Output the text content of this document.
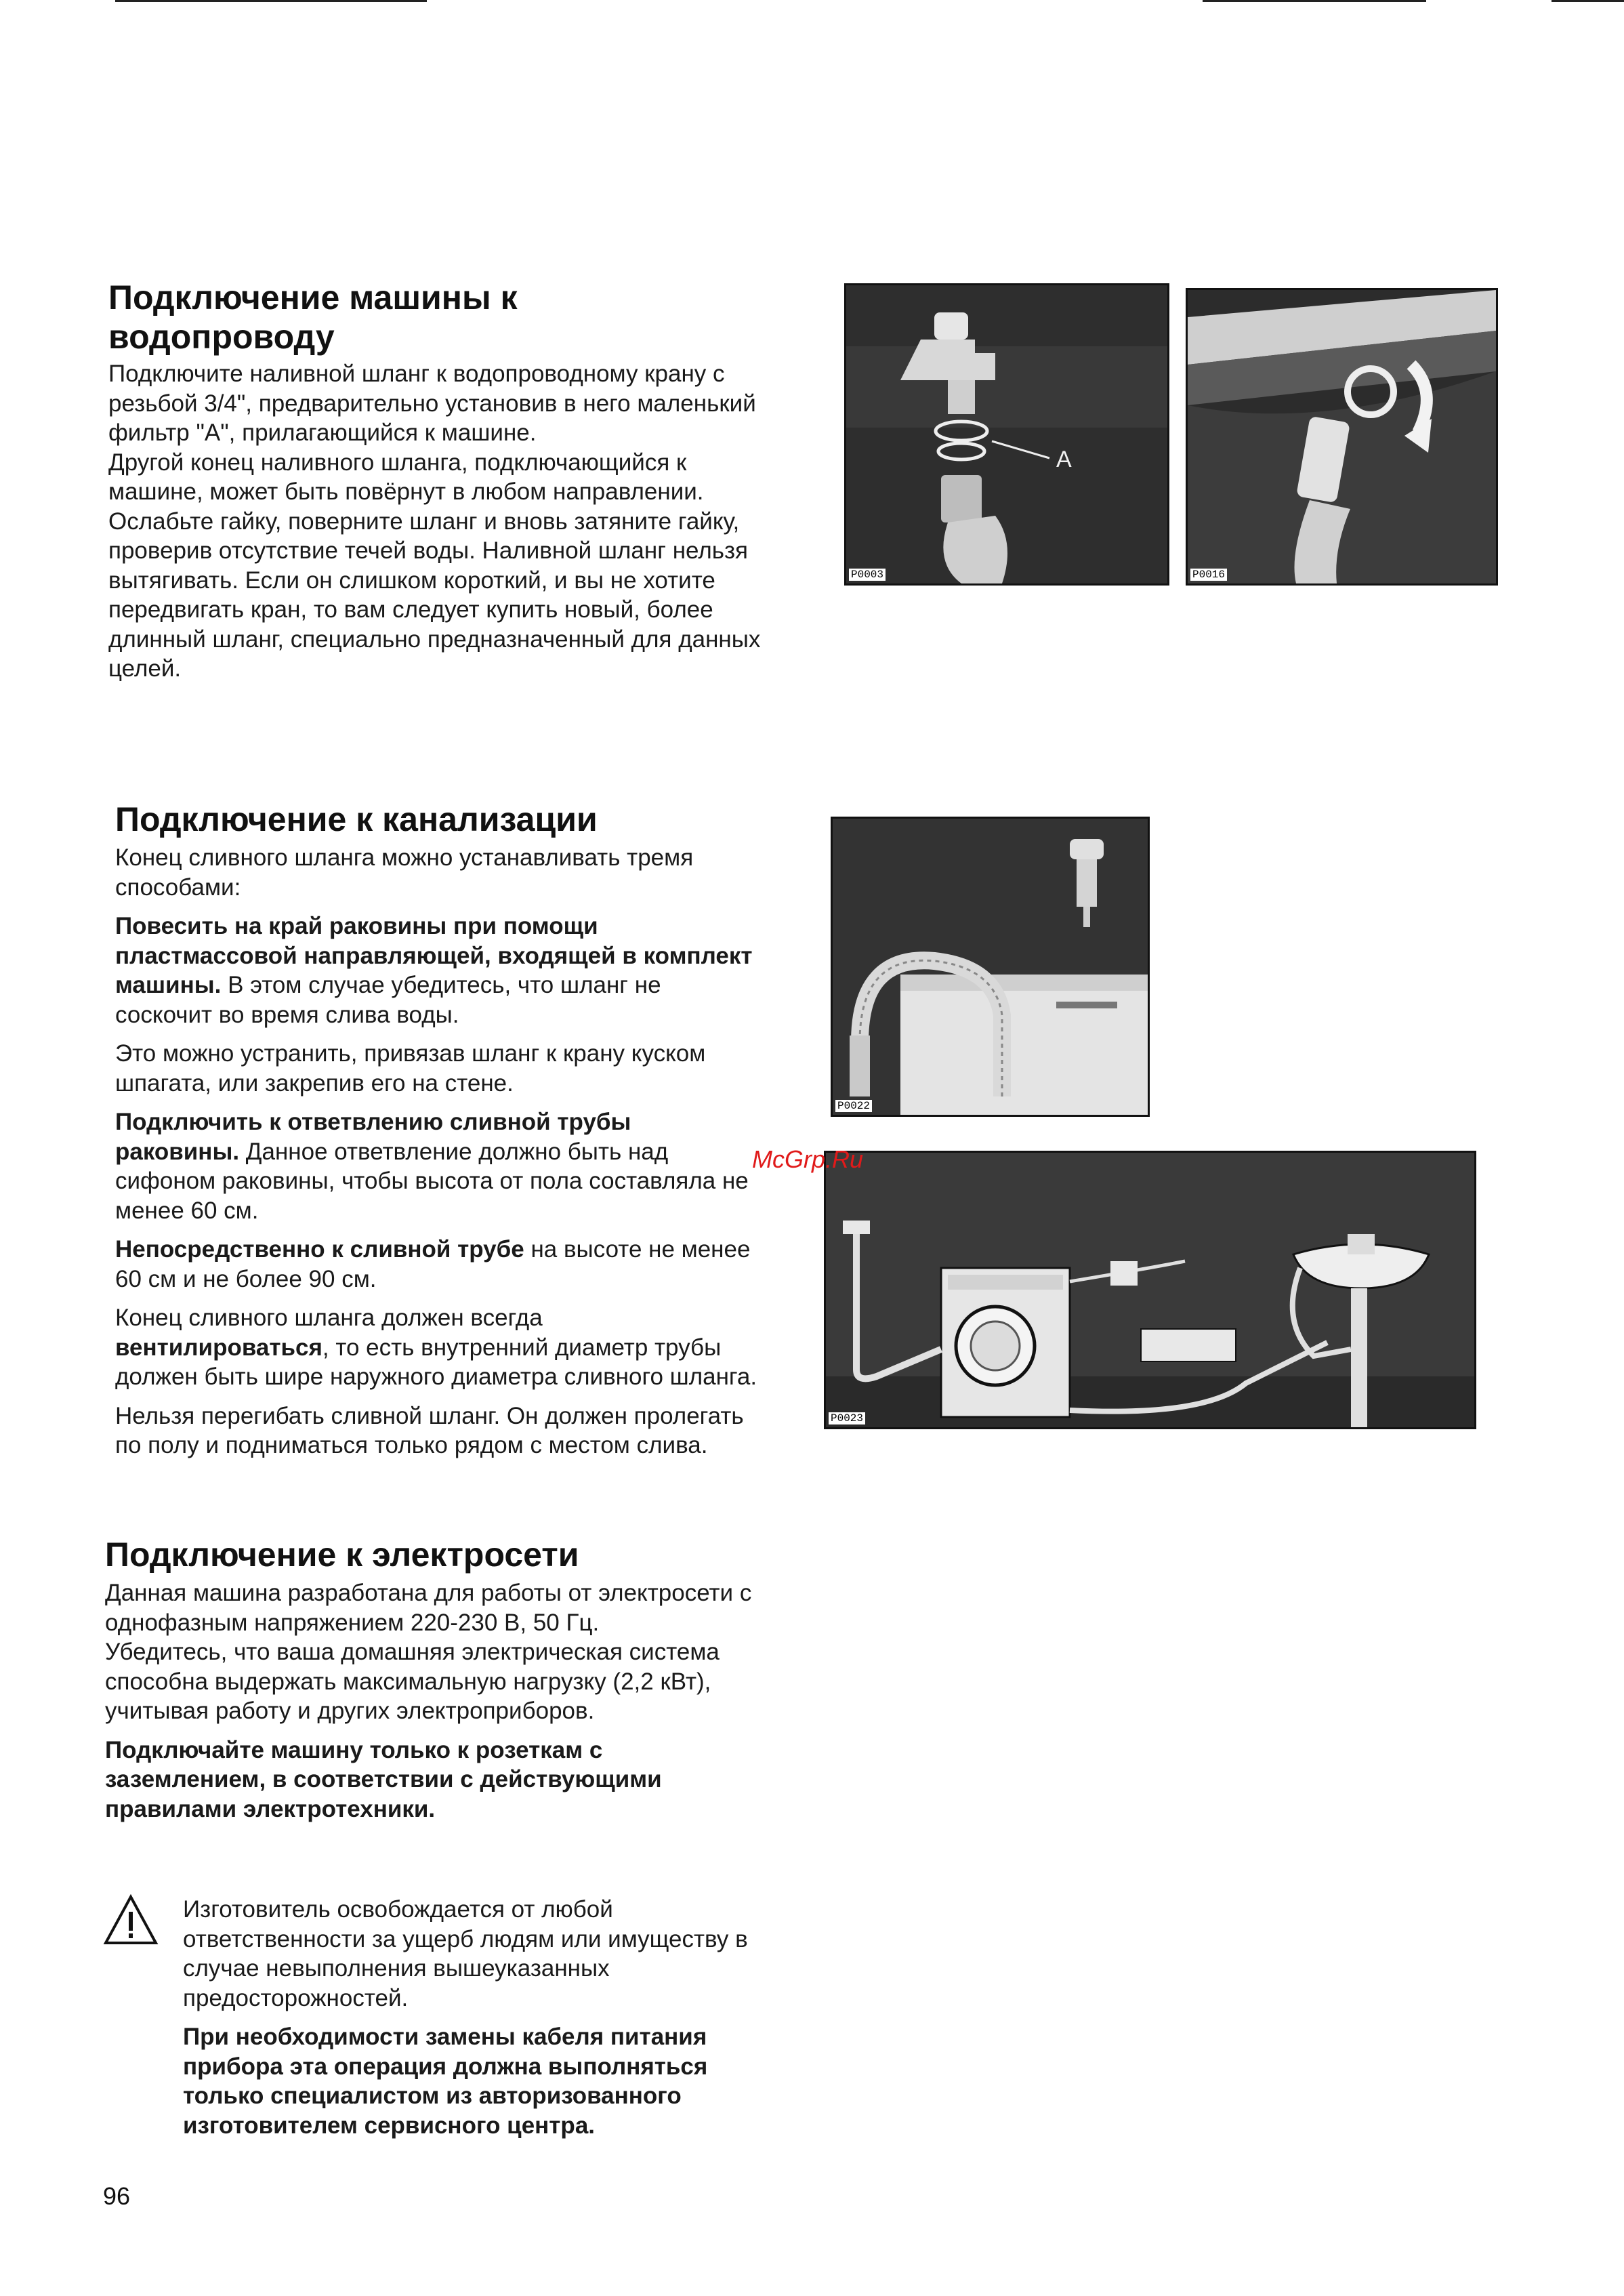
Подключение машины к водопроводу

Подключите наливной шланг к водопроводному крану с резьбой 3/4", предварительно установив в него маленький фильтр "А", прилагающийся к машине.

Другой конец наливного шланга, подключающийся к машине, может быть повёрнут в любом направлении. Ослабьте гайку, поверните шланг и вновь затяните гайку, проверив отсутствие течей воды. Наливной шланг нельзя вытягивать. Если он слишком короткий, и вы не хотите передвигать кран, то вам следует купить новый, более длинный шланг, специально предназначенный для данных целей.

Подключение к канализации

Конец сливного шланга можно устанавливать тремя способами:

Повесить на край раковины при помощи пластмассовой направляющей, входящей в комплект машины. В этом случае убедитесь, что шланг не соскочит во время слива воды.

Это можно устранить, привязав шланг к крану куском шпагата, или закрепив его на стене.

Подключить к ответвлению сливной трубы раковины. Данное ответвление должно быть над сифоном раковины, чтобы высота от пола составляла не менее 60 см.

Непосредственно к сливной трубе на высоте не менее 60 см и не более 90 см.

Конец сливного шланга должен всегда вентилироваться, то есть внутренний диаметр трубы должен быть шире наружного диаметра сливного шланга.

Нельзя перегибать сливной шланг. Он должен пролегать по полу и подниматься только рядом с местом слива.

Подключение к электросети

Данная машина разработана для работы от электросети с однофазным напряжением 220-230 В, 50 Гц.

Убедитесь, что ваша домашняя электрическая система способна выдержать максимальную нагрузку (2,2 кВт), учитывая работу и других электроприборов.

Подключайте машину только к розеткам с заземлением, в соответствии с действующими правилами электротехники.

Изготовитель освобождается от любой ответственности за ущерб людям или имуществу в случае невыполнения вышеуказанных предосторожностей.

При необходимости замены кабеля питания прибора эта операция должна выполняться только специалистом из авторизованного изготовителем сервисного центра.

A
P0003	P0016
P0022
P0023
McGrp.Ru
96
